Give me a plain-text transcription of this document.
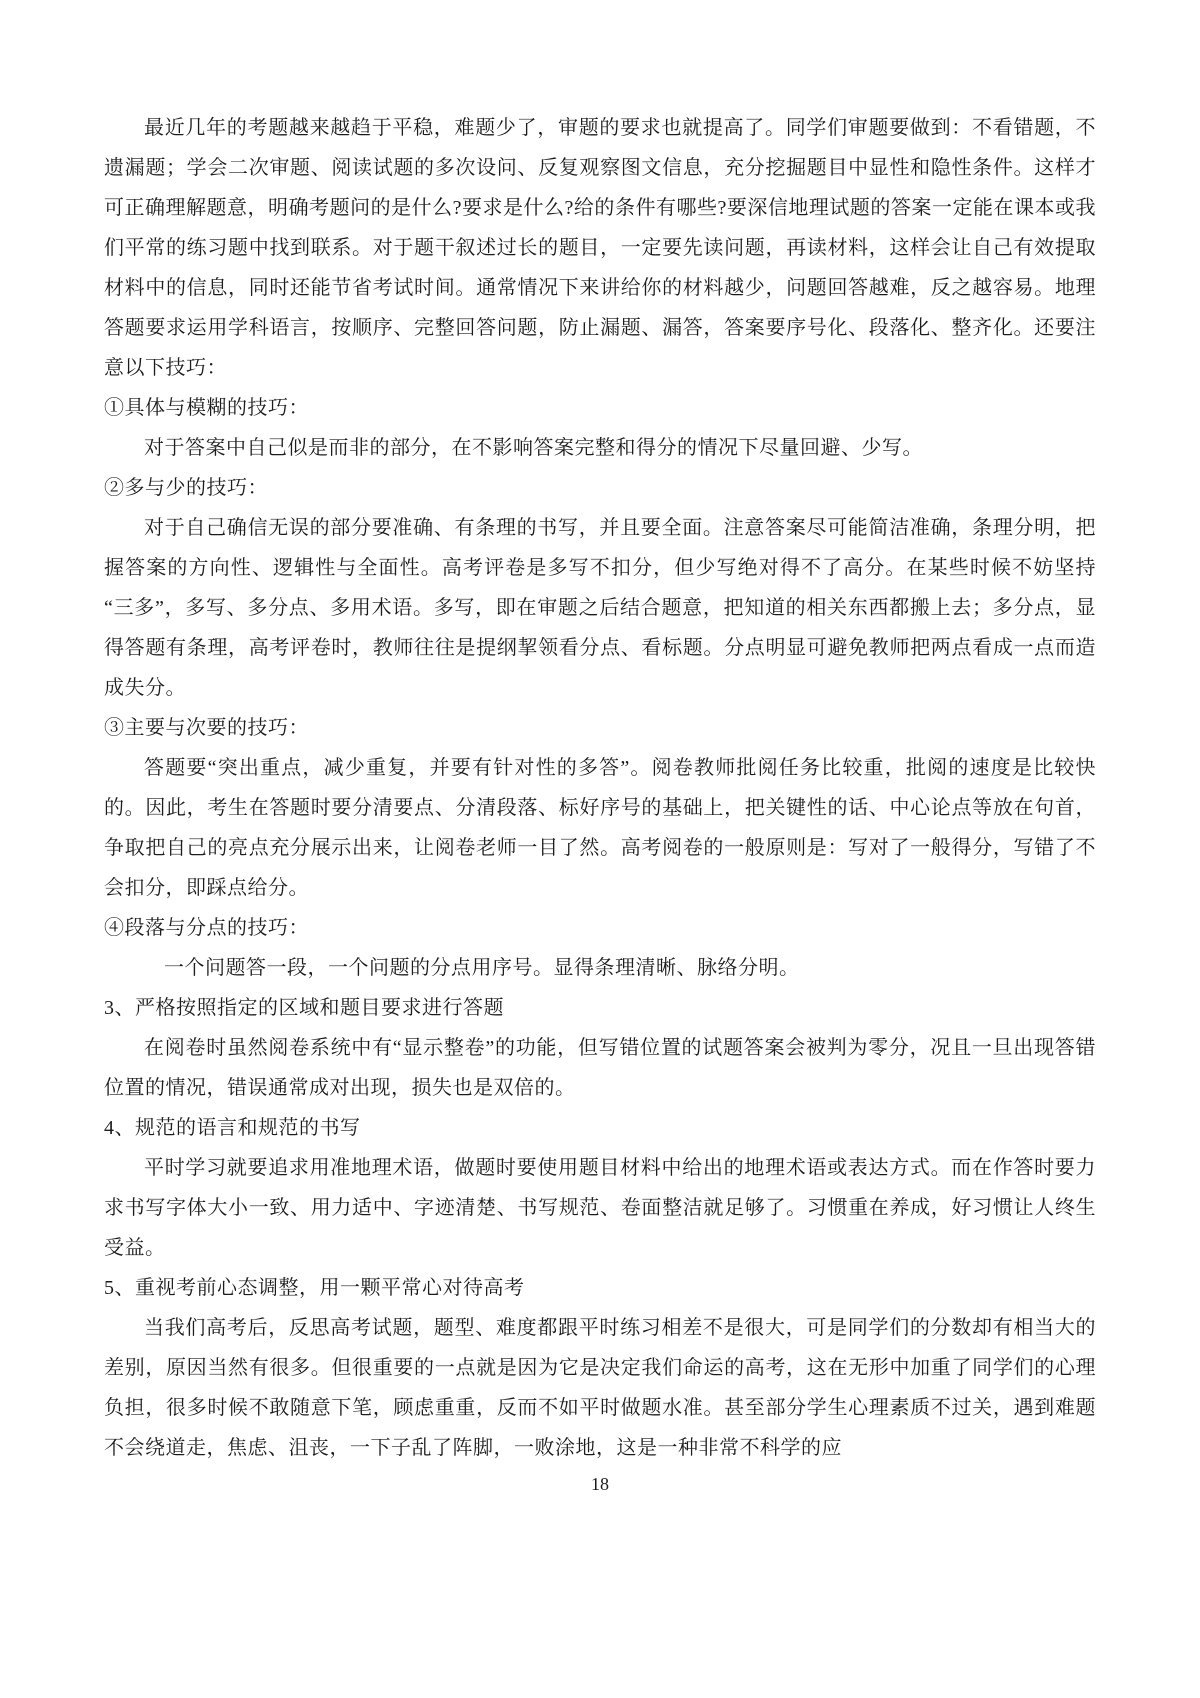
最近几年的考题越来越趋于平稳，难题少了，审题的要求也就提高了。同学们审题要做到：不看错题，不遗漏题；学会二次审题、阅读试题的多次设问、反复观察图文信息，充分挖掘题目中显性和隐性条件。这样才可正确理解题意，明确考题问的是什么?要求是什么?给的条件有哪些?要深信地理试题的答案一定能在课本或我们平常的练习题中找到联系。对于题干叙述过长的题目，一定要先读问题，再读材料，这样会让自己有效提取材料中的信息，同时还能节省考试时间。通常情况下来讲给你的材料越少，问题回答越难，反之越容易。地理答题要求运用学科语言，按顺序、完整回答问题，防止漏题、漏答，答案要序号化、段落化、整齐化。还要注意以下技巧：

①具体与模糊的技巧：

对于答案中自己似是而非的部分，在不影响答案完整和得分的情况下尽量回避、少写。

②多与少的技巧：

对于自己确信无误的部分要准确、有条理的书写，并且要全面。注意答案尽可能简洁准确，条理分明，把握答案的方向性、逻辑性与全面性。高考评卷是多写不扣分，但少写绝对得不了高分。在某些时候不妨坚持“三多”，多写、多分点、多用术语。多写，即在审题之后结合题意，把知道的相关东西都搬上去；多分点，显得答题有条理，高考评卷时，教师往往是提纲挈领看分点、看标题。分点明显可避免教师把两点看成一点而造成失分。

③主要与次要的技巧：

答题要“突出重点，减少重复，并要有针对性的多答”。阅卷教师批阅任务比较重，批阅的速度是比较快的。因此，考生在答题时要分清要点、分清段落、标好序号的基础上，把关键性的话、中心论点等放在句首，争取把自己的亮点充分展示出来，让阅卷老师一目了然。高考阅卷的一般原则是：写对了一般得分，写错了不会扣分，即踩点给分。

④段落与分点的技巧：

一个问题答一段，一个问题的分点用序号。显得条理清晰、脉络分明。

3、严格按照指定的区域和题目要求进行答题

在阅卷时虽然阅卷系统中有“显示整卷”的功能，但写错位置的试题答案会被判为零分，况且一旦出现答错位置的情况，错误通常成对出现，损失也是双倍的。

4、规范的语言和规范的书写

平时学习就要追求用准地理术语，做题时要使用题目材料中给出的地理术语或表达方式。而在作答时要力求书写字体大小一致、用力适中、字迹清楚、书写规范、卷面整洁就足够了。习惯重在养成，好习惯让人终生受益。

5、重视考前心态调整，用一颗平常心对待高考

当我们高考后，反思高考试题，题型、难度都跟平时练习相差不是很大，可是同学们的分数却有相当大的差别，原因当然有很多。但很重要的一点就是因为它是决定我们命运的高考，这在无形中加重了同学们的心理负担，很多时候不敢随意下笔，顾虑重重，反而不如平时做题水准。甚至部分学生心理素质不过关，遇到难题不会绕道走，焦虑、沮丧，一下子乱了阵脚，一败涂地，这是一种非常不科学的应

18
